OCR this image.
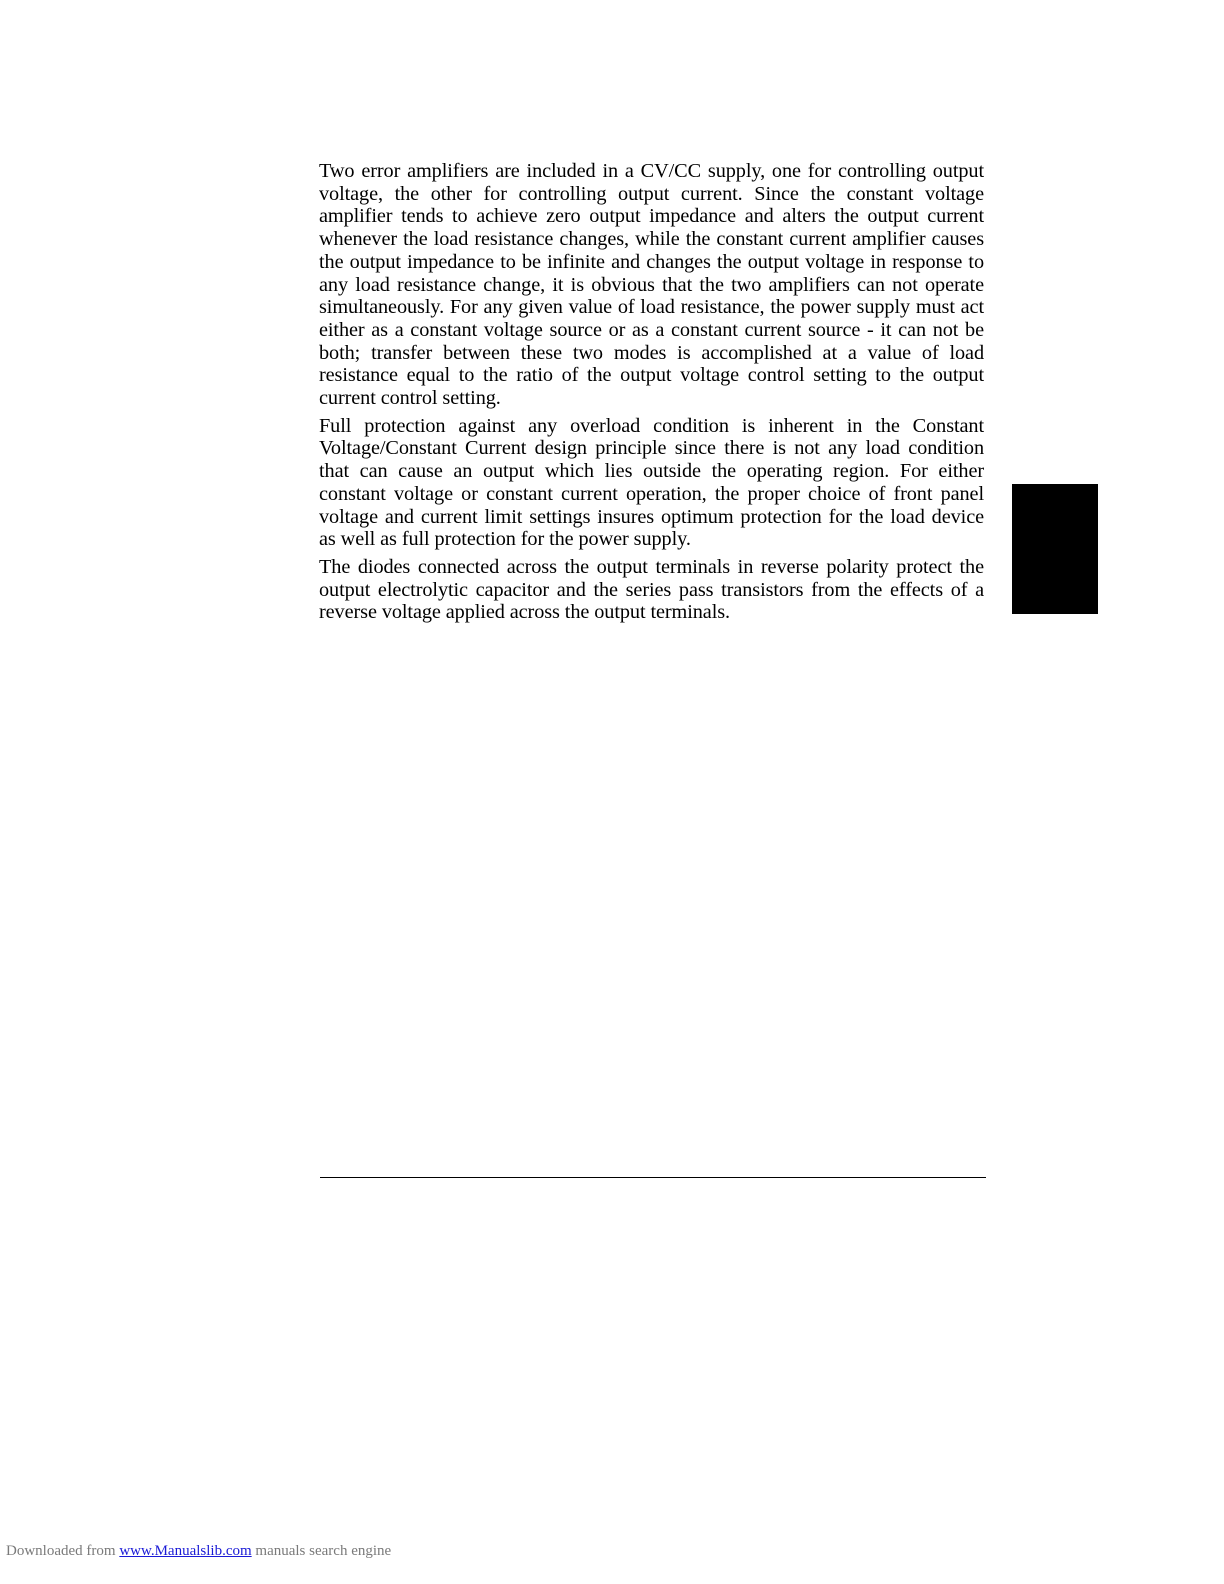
Two error amplifiers are included in a CV/CC supply, one for controlling output voltage, the other for controlling output current. Since the constant voltage amplifier tends to achieve zero output impedance and alters the output current whenever the load resistance changes, while the constant current amplifier causes the output impedance to be infinite and changes the output voltage in response to any load resistance change, it is obvious that the two amplifiers can not operate simultaneously. For any given value of load resistance, the power supply must act either as a constant voltage source or as a constant current source - it can not be both; transfer between these two modes is accomplished at a value of load resistance equal to the ratio of the output voltage control setting to the output current control setting.

Full protection against any overload condition is inherent in the Constant Voltage/Constant Current design principle since there is not any load condition that can cause an output which lies outside the operating region. For either constant voltage or constant current operation, the proper choice of front panel voltage and current limit settings insures optimum protection for the load device as well as full protection for the power supply.

The diodes connected across the output terminals in reverse polarity protect the output electrolytic capacitor and the series pass transistors from the effects of a reverse voltage applied across the output terminals.

Downloaded from www.Manualslib.com manuals search engine
